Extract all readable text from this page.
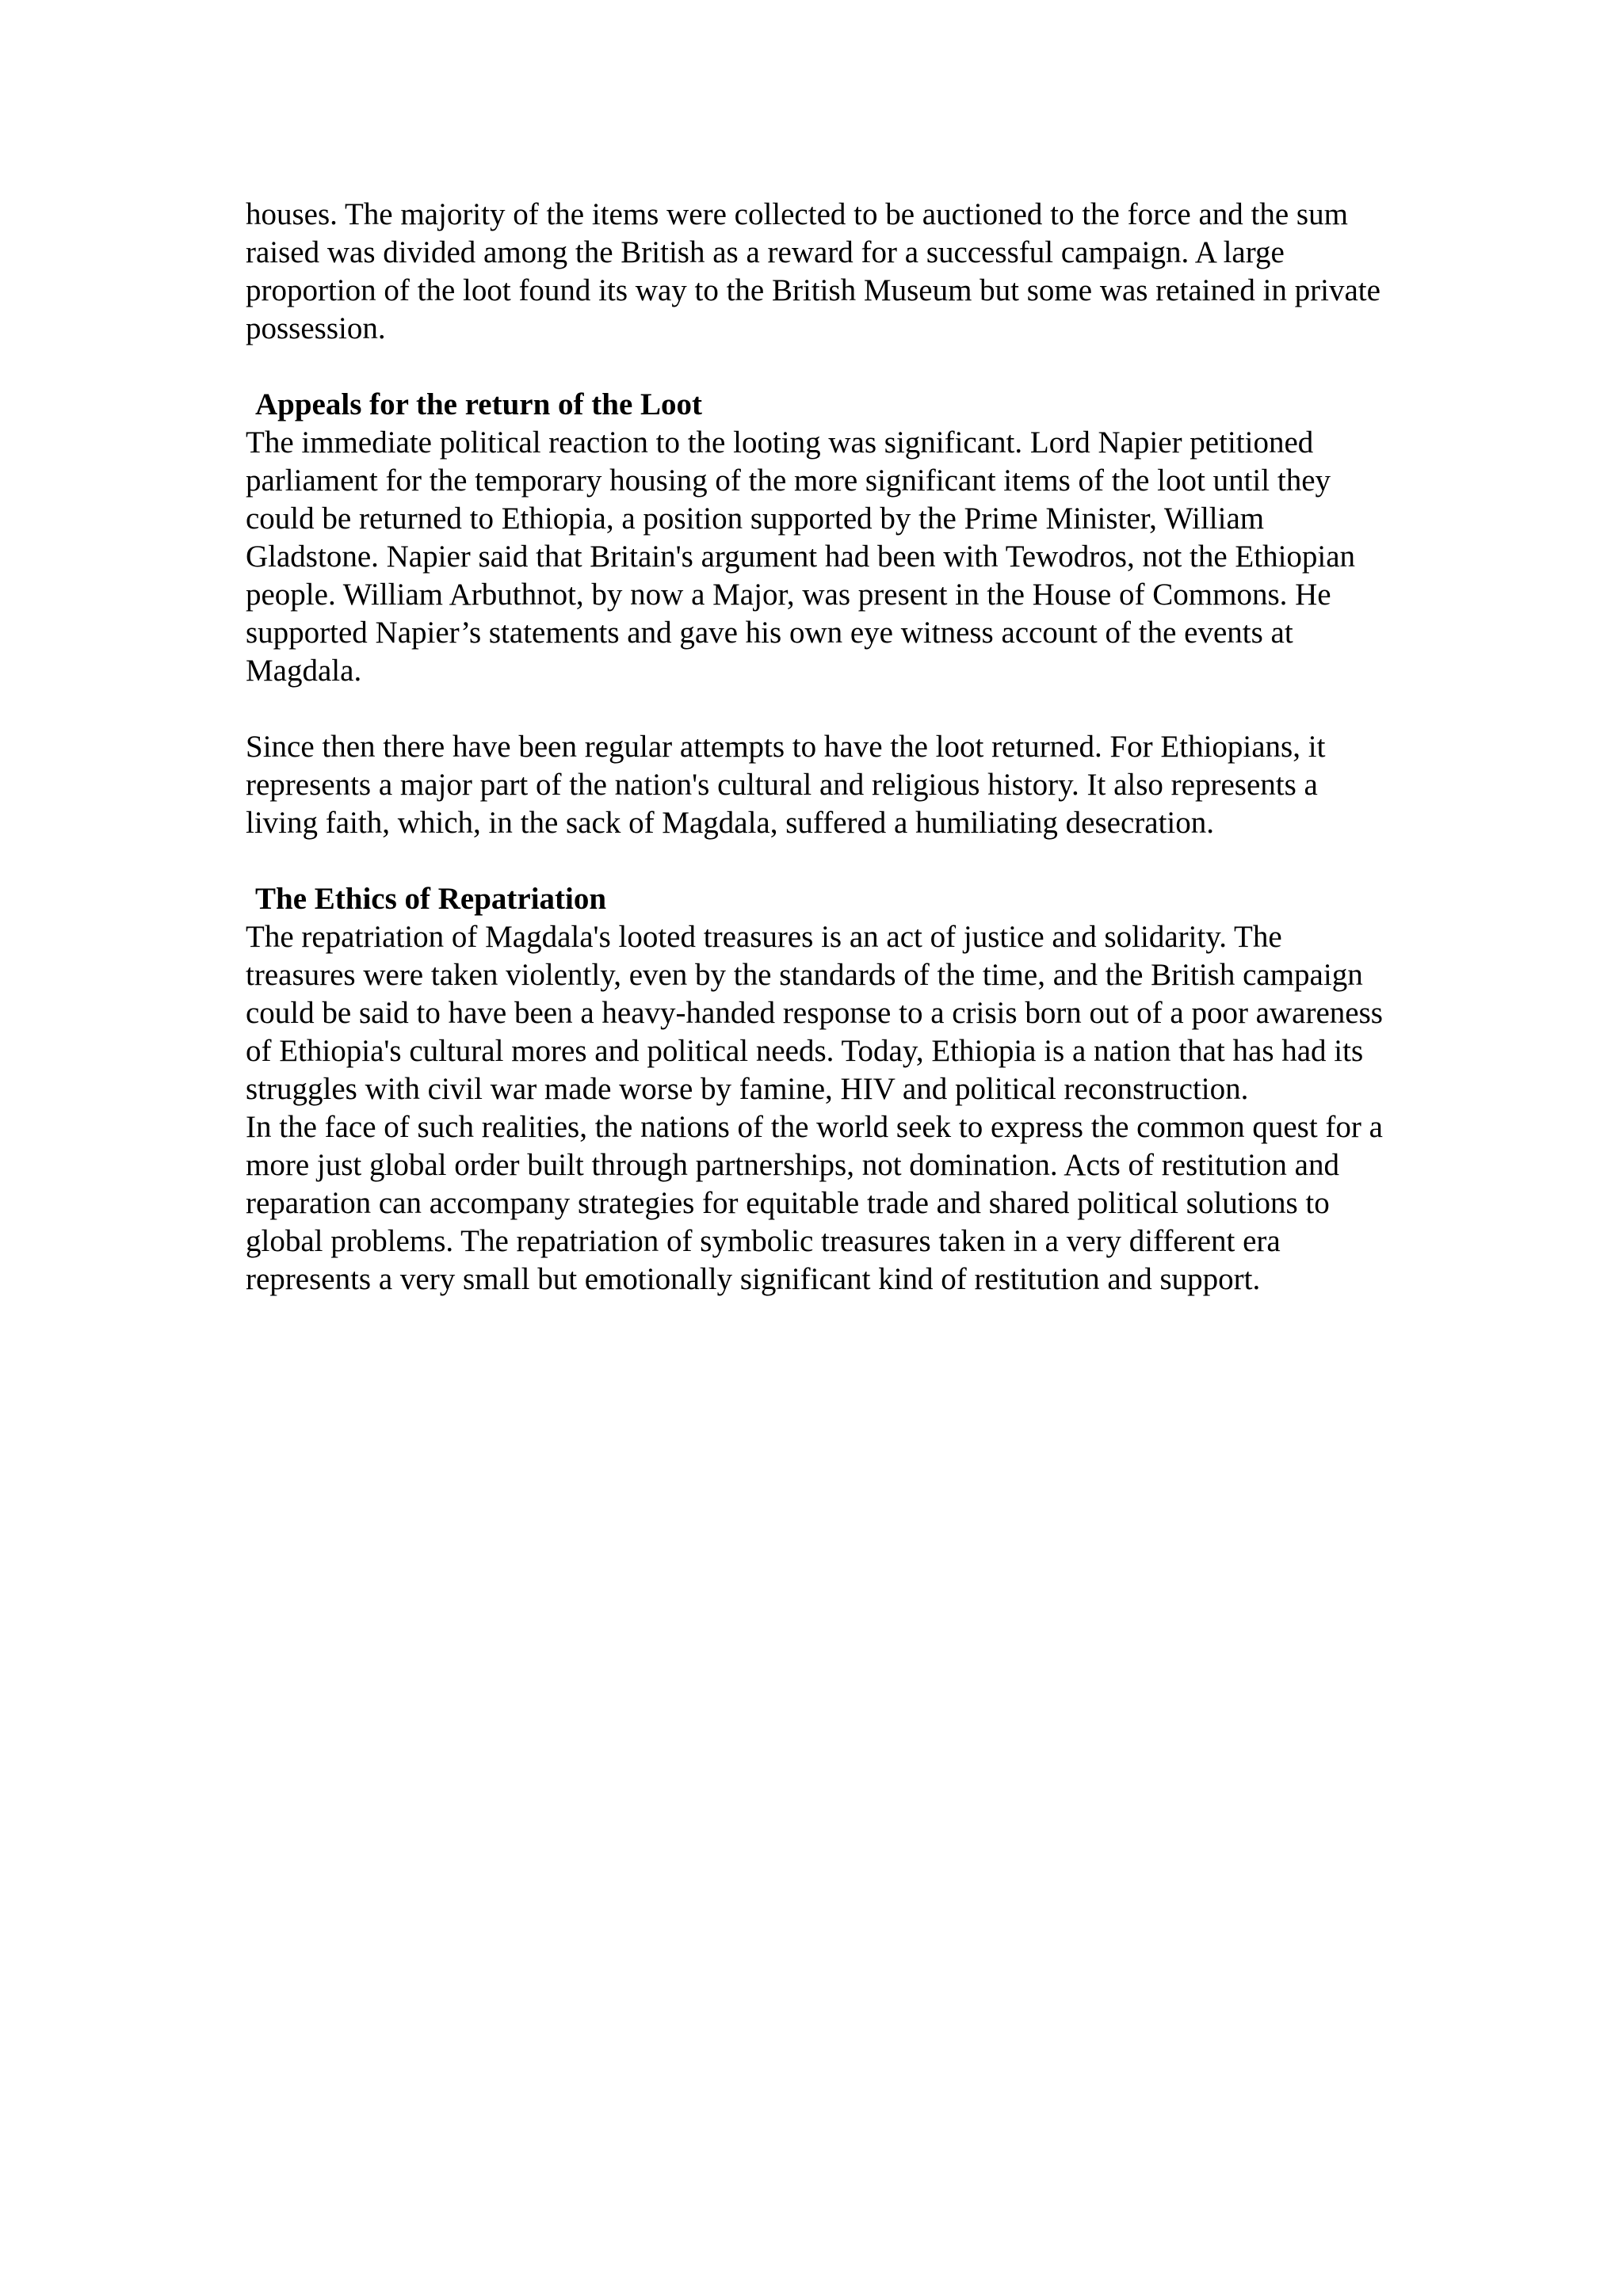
houses. The majority of the items were collected to be auctioned to the force and the sum
raised was divided among the British as a reward for a successful campaign. A large
proportion of the loot found its way to the British Museum but some was retained in private
possession.

Appeals for the return of the Loot

The immediate political reaction to the looting was significant. Lord Napier petitioned
parliament for the temporary housing of the more significant items of the loot until they
could be returned to Ethiopia, a position supported by the Prime Minister, William
Gladstone. Napier said that Britain's argument had been with Tewodros, not the Ethiopian
people. William Arbuthnot, by now a Major, was present in the House of Commons. He
supported Napier’s statements and gave his own eye witness account of the events at
Magdala.

Since then there have been regular attempts to have the loot returned. For Ethiopians, it
represents a major part of the nation's cultural and religious history. It also represents a
living faith, which, in the sack of Magdala, suffered a humiliating desecration.

The Ethics of Repatriation

The repatriation of Magdala's looted treasures is an act of justice and solidarity. The
treasures were taken violently, even by the standards of the time, and the British campaign
could be said to have been a heavy-handed response to a crisis born out of a poor awareness
of Ethiopia's cultural mores and political needs. Today, Ethiopia is a nation that has had its
struggles with civil war made worse by famine, HIV and political reconstruction.

In the face of such realities, the nations of the world seek to express the common quest for a
more just global order built through partnerships, not domination. Acts of restitution and
reparation can accompany strategies for equitable trade and shared political solutions to
global problems. The repatriation of symbolic treasures taken in a very different era
represents a very small but emotionally significant kind of restitution and support.
